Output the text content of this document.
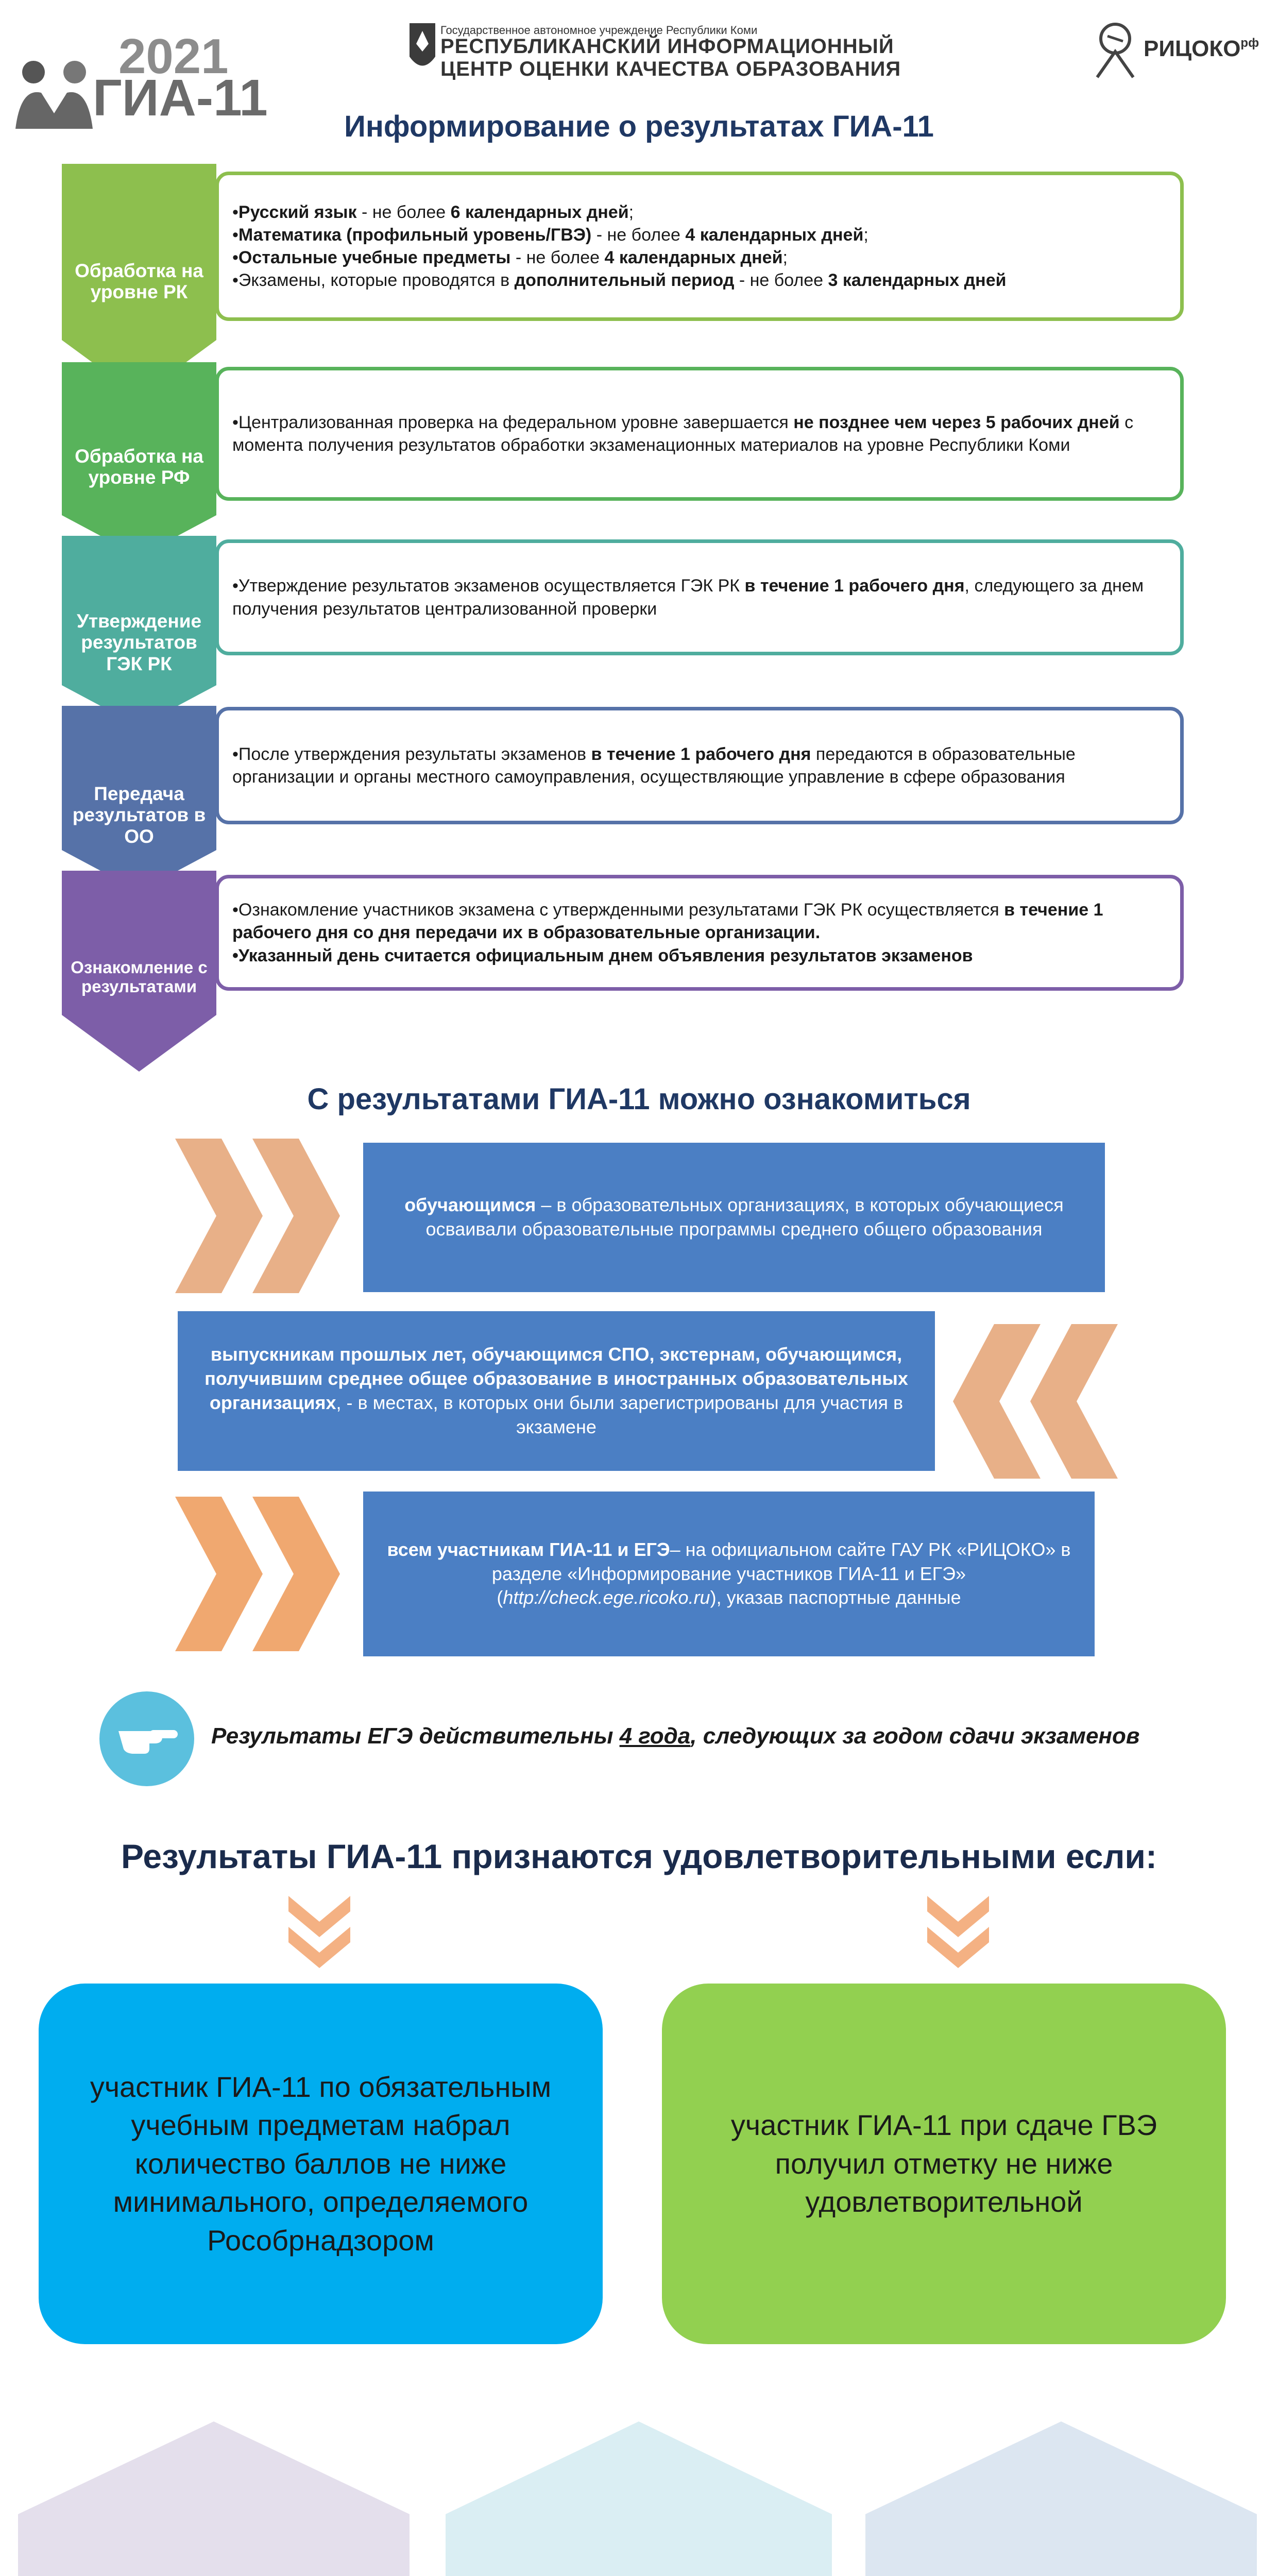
2021
ГИА-11
Государственное автономное учреждение Республики Коми
РЕСПУБЛИКАНСКИЙ ИНФОРМАЦИОННЫЙ
ЦЕНТР ОЦЕНКИ КАЧЕСТВА ОБРАЗОВАНИЯ
$РИЦОКО^{рф}$
Информирование о результатах ГИА-11
Обработка на уровне РК
Обработка на уровне РФ
Утверждение результатов ГЭК РК
Передача результатов в ОО
Ознакомление с результатами

•Русский язык - не более 6 календарных дней;

•Математика (профильный уровень/ГВЭ) - не более 4 календарных дней;

•Остальные учебные предметы - не более 4 календарных дней;

•Экзамены, которые проводятся в дополнительный период - не более 3 календарных дней

•Централизованная проверка на федеральном уровне завершается не позднее чем через 5 рабочих дней с момента получения результатов обработки экзаменационных материалов на уровне Республики Коми

•Утверждение результатов экзаменов осуществляется ГЭК РК в течение 1 рабочего дня, следующего за днем получения результатов централизованной проверки

•После утверждения результаты экзаменов в течение 1 рабочего дня передаются в образовательные организации и органы местного самоуправления, осуществляющие управление в сфере образования

•Ознакомление участников экзамена с утвержденными результатами ГЭК РК осуществляется в течение 1 рабочего дня со дня передачи их в образовательные организации.

•Указанный день считается официальным днем объявления результатов экзаменов

С результатами ГИА-11 можно ознакомиться
обучающимся – в образовательных организациях, в которых обучающиеся осваивали образовательные программы среднего общего образования
выпускникам прошлых лет, обучающимся СПО, экстернам, обучающимся, получившим среднее общее образование в иностранных образовательных организациях, - в местах, в которых они были зарегистрированы для участия в экзамене
всем участникам ГИА-11 и ЕГЭ– на официальном сайте ГАУ РК «РИЦОКО» в разделе «Информирование участников ГИА-11 и ЕГЭ» (http://check.ege.ricoko.ru), указав паспортные данные
Результаты ЕГЭ действительны 4 года, следующих за годом сдачи экзаменов
Результаты ГИА-11 признаются удовлетворительными если:
участник ГИА-11 по обязательным учебным предметам набрал количество баллов не ниже минимального, определяемого Рособрнадзором
участник ГИА-11 при сдаче ГВЭ получил отметку не ниже удовлетворительной
